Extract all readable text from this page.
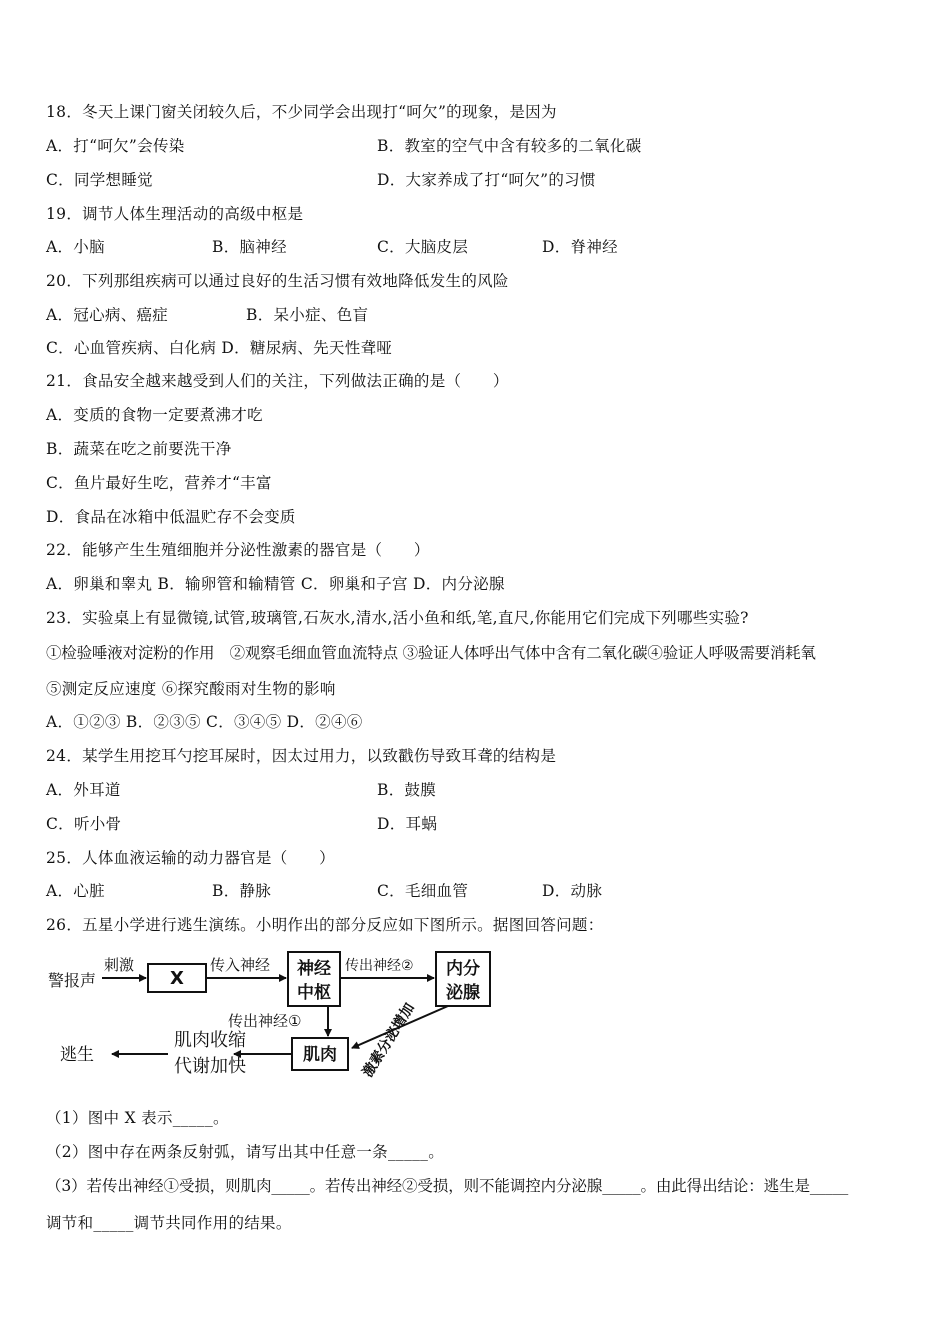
18．冬天上课门窗关闭较久后，不少同学会出现打“呵欠”的现象，是因为
A．打“呵欠”会传染	B．教室的空气中含有较多的二氧化碳
C．同学想睡觉	D．大家养成了打“呵欠”的习惯
19．调节人体生理活动的高级中枢是
A．小脑	B．脑神经	C．大脑皮层	D．脊神经
20．下列那组疾病可以通过良好的生活习惯有效地降低发生的风险
A．冠心病、癌症	B．呆小症、色盲
C．心血管疾病、白化病 D．糖尿病、先天性聋哑
21．食品安全越来越受到人们的关注，下列做法正确的是（　　）
A．变质的食物一定要煮沸才吃
B．蔬菜在吃之前要洗干净
C．鱼片最好生吃，营养才“丰富
D．食品在冰箱中低温贮存不会变质
22．能够产生生殖细胞并分泌性激素的器官是（　　）
A．卵巢和睾丸 B．输卵管和输精管 C．卵巢和子宫 D．内分泌腺
23．实验桌上有显微镜,试管,玻璃管,石灰水,清水,活小鱼和纸,笔,直尺,你能用它们完成下列哪些实验?
①检验唾液对淀粉的作用　②观察毛细血管血流特点 ③验证人体呼出气体中含有二氧化碳④验证人呼吸需要消耗氧
⑤测定反应速度 ⑥探究酸雨对生物的影响
A．①②③ B．②③⑤ C．③④⑤ D．②④⑥
24．某学生用挖耳勺挖耳屎时，因太过用力，以致戳伤导致耳聋的结构是
A．外耳道	B．鼓膜
C．听小骨	D．耳蜗
25．人体血液运输的动力器官是（　　）
A．心脏	B．静脉	C．毛细血管	D．动脉
26．五星小学进行逃生演练。小明作出的部分反应如下图所示。据图回答问题：
警报声
刺激
X
传入神经 神经
中枢
传出神经② 内分
泌腺
传出神经①	激素分泌增加
肌肉
肌肉收缩
代谢加快
逃生
（1）图中 X 表示_____。
（2）图中存在两条反射弧，请写出其中任意一条_____。
（3）若传出神经①受损，则肌肉_____。若传出神经②受损，则不能调控内分泌腺_____。由此得出结论：逃生是_____
调节和_____调节共同作用的结果。
